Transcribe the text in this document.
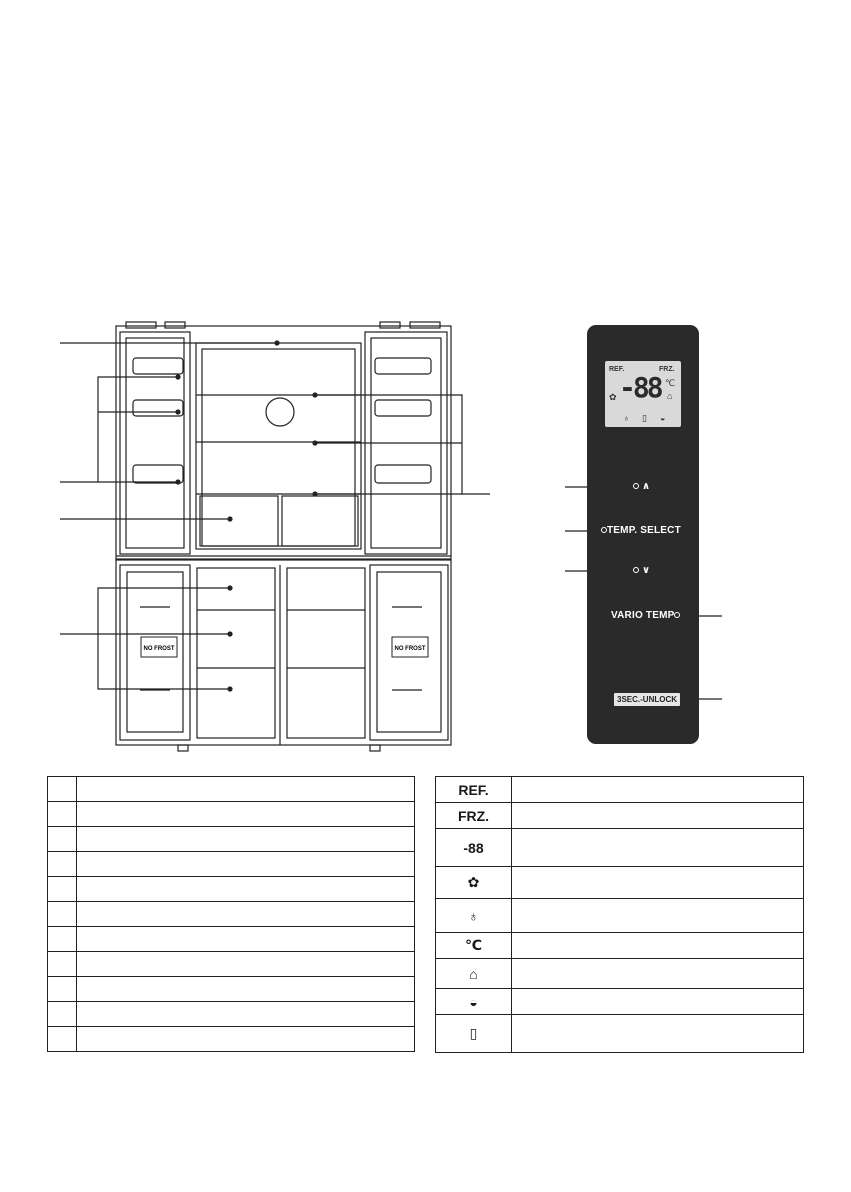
NO FROST	NO FROST
REF.	FRZ.
-88 ℃
✿	⌂
♁ ▯ ◒
∧
TEMP. SELECT
∨
VARIO TEMP
3SEC.-UNLOCK

REF.	
FRZ.	
-88	
✿	
♁	
℃	
⌂	
◒	
▯	
